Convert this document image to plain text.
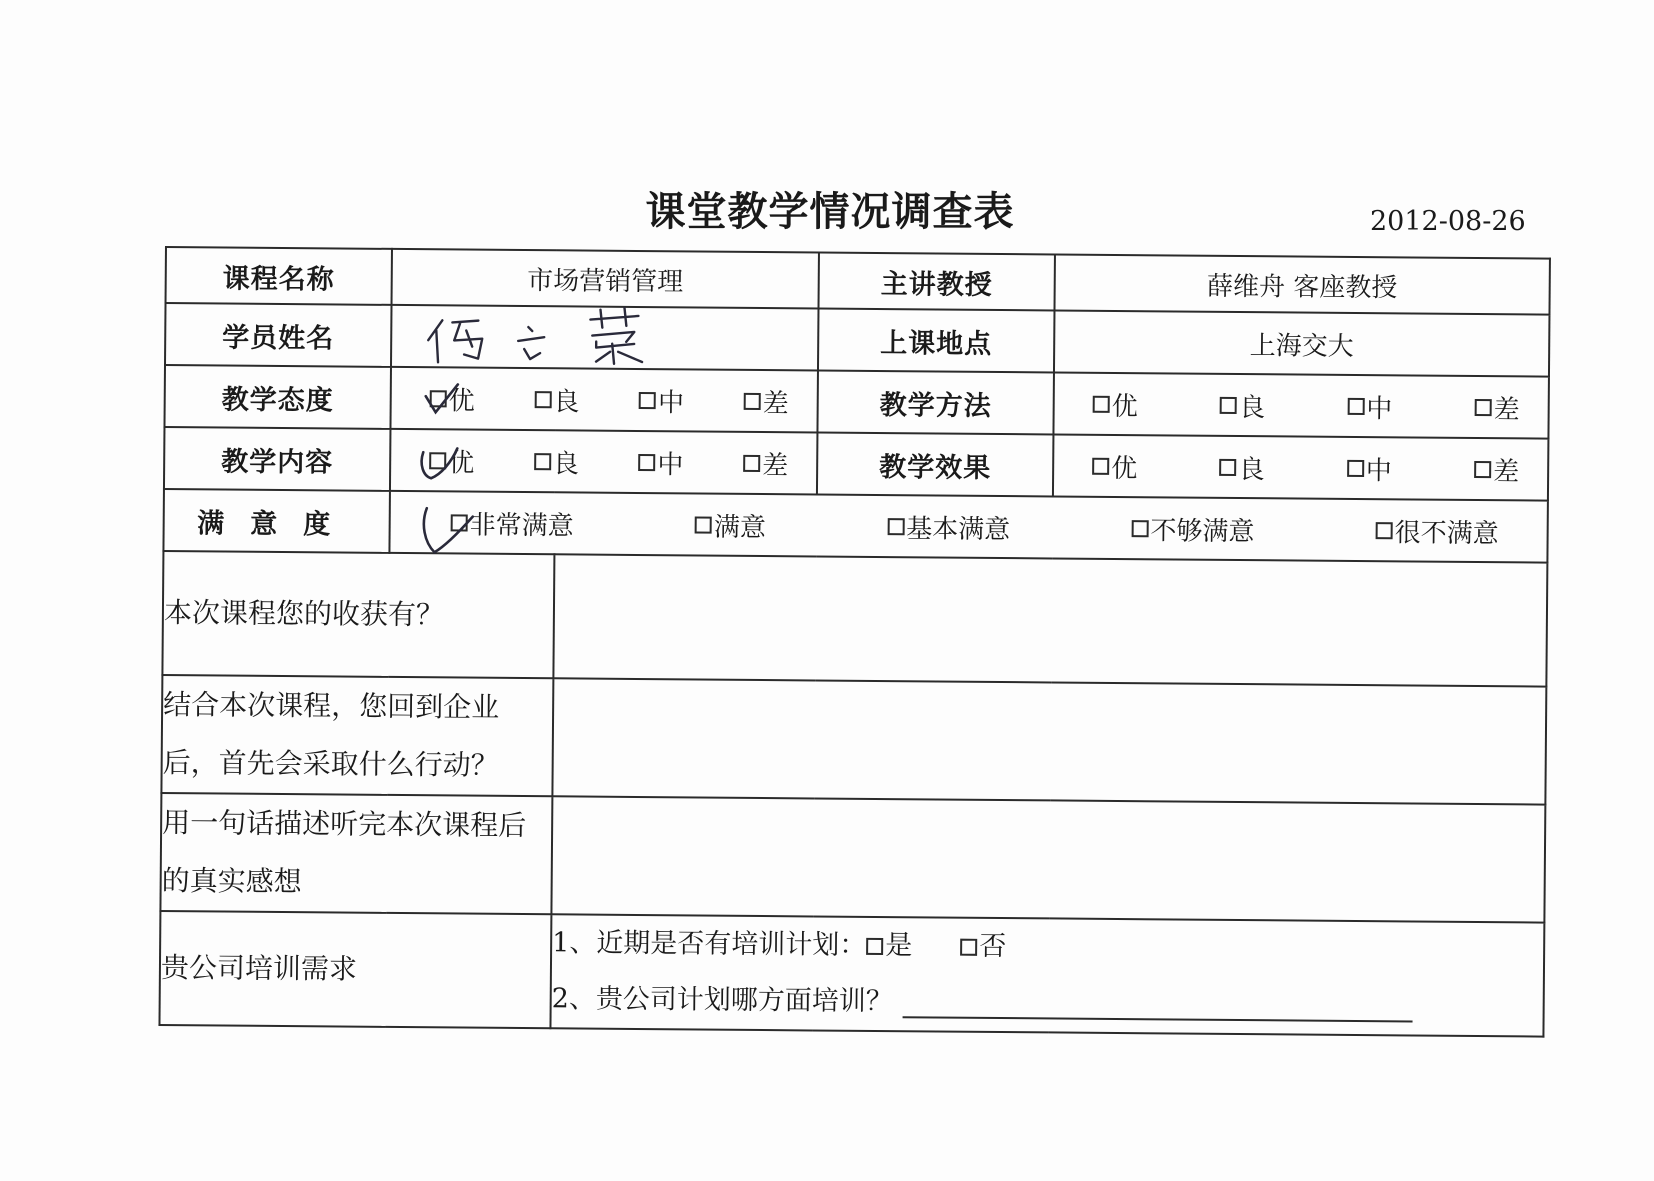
课堂教学情况调查表	2012-08-26
课程名称	市场营销管理		主讲教授	薛维舟 客座教授
学员姓名			上课地点	上海交大
教学态度	优 良 中 差		教学方法	优 良 中 差

教学内容	优 良 中 差		教学效果	优 良 中 差

满意度	非常满意 满意 基本满意 不够满意 很不满意			

本次课程您的收获有？				
结合本次课程，您回到企业后，首先会采取什么行动？				
用一句话描述听完本次课程后的真实感想				
贵公司培训需求		1、近期是否有培训计划： 是 否
2、贵公司计划哪方面培训？		
